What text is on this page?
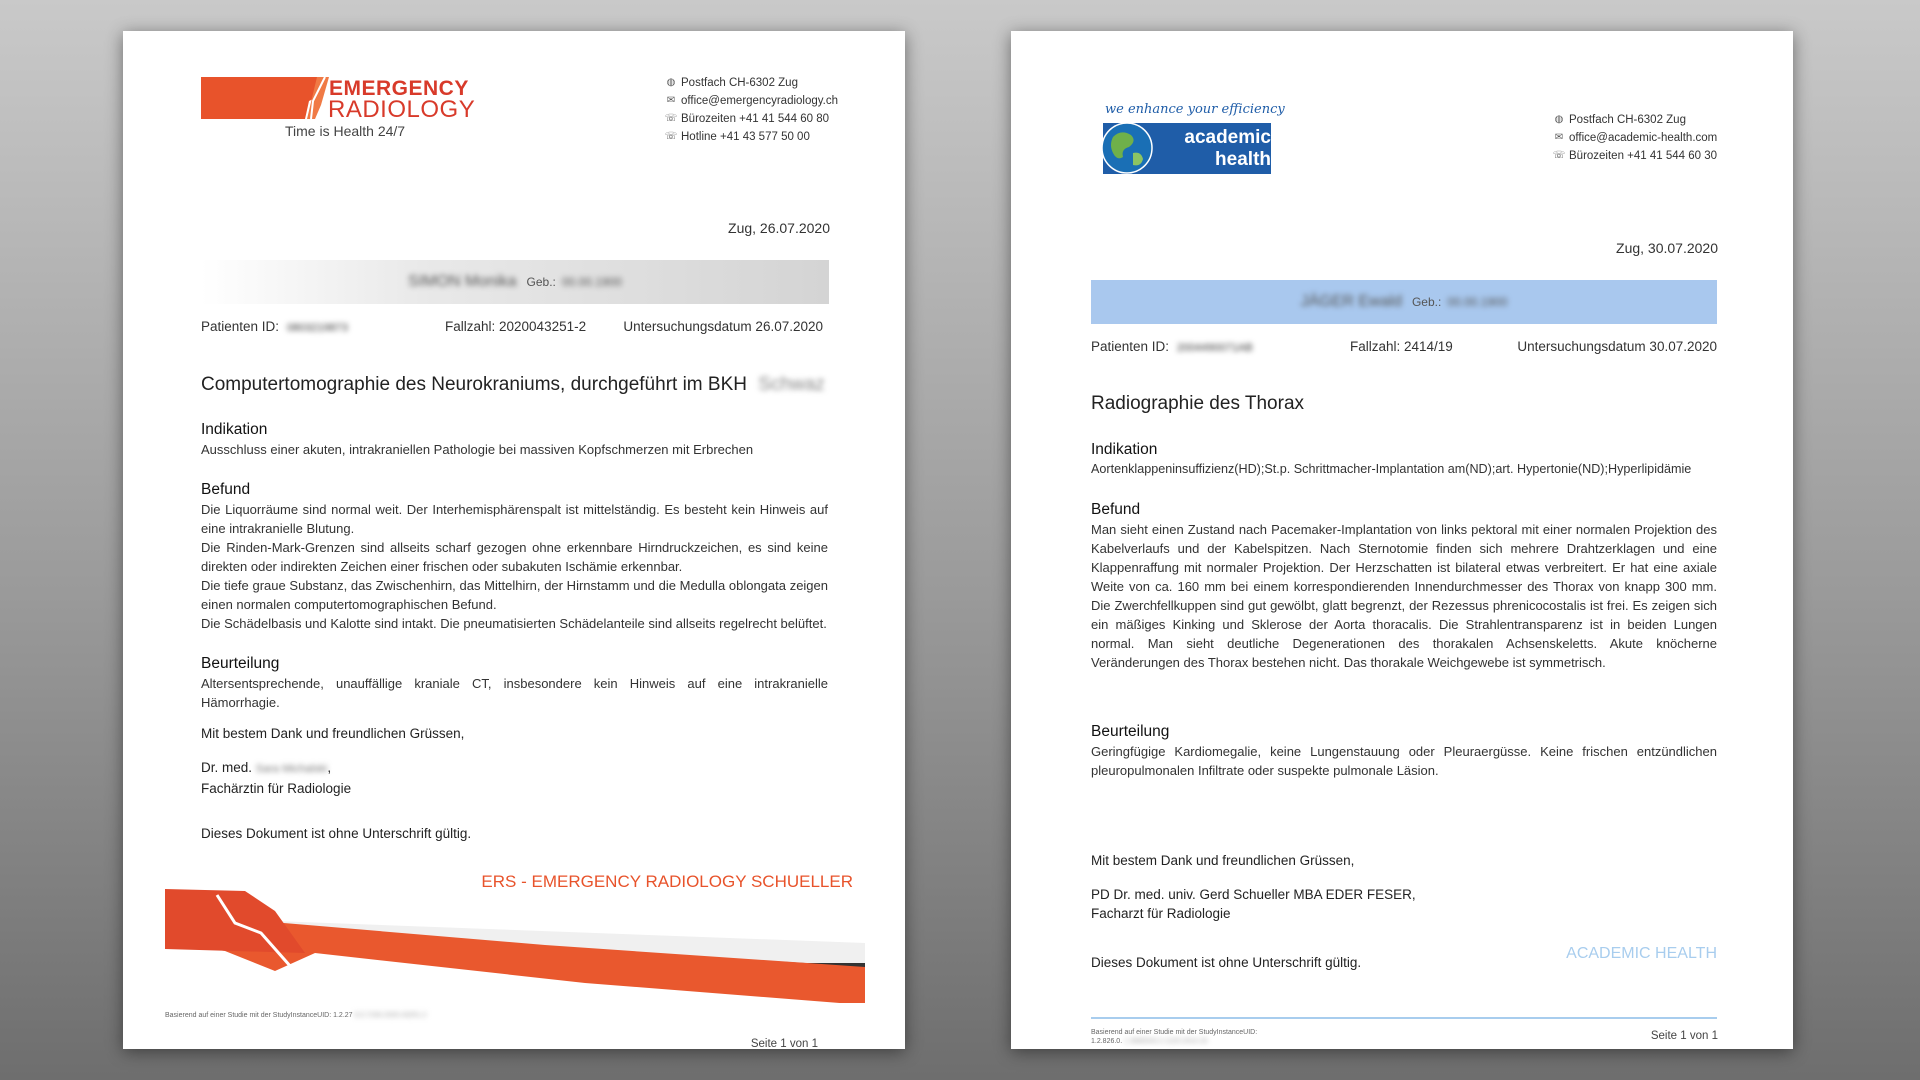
EMERGENCY
RADIOLOGY
Time is Health 24/7
◍ Postfach CH-6302 Zug
✉ office@emergencyradiology.ch
☏ Bürozeiten +41 41 544 60 80
☏ Hotline +41 43 577 50 00
Zug, 26.07.2020
SIMON Monika Geb.: 00.00.1900
Patienten ID: 0803219873	Fallzahl: 2020043251-2	Untersuchungsdatum 26.07.2020
Computertomographie des Neurokraniums, durchgeführt im BKH Schwaz

Indikation

Ausschluss einer akuten, intrakraniellen Pathologie bei massiven Kopfschmerzen mit Erbrechen

Befund

Die Liquorräume sind normal weit. Der Interhemisphärenspalt ist mittelständig. Es besteht kein Hinweis auf eine intrakranielle Blutung.

Die Rinden-Mark-Grenzen sind allseits scharf gezogen ohne erkennbare Hirndruckzeichen, es sind keine direkten oder indirekten Zeichen einer frischen oder subakuten Ischämie erkennbar.

Die tiefe graue Substanz, das Zwischenhirn, das Mittelhirn, der Hirnstamm und die Medulla oblongata zeigen einen normalen computertomographischen Befund.

Die Schädelbasis und Kalotte sind intakt. Die pneumatisierten Schädelanteile sind allseits regelrecht belüftet.

Beurteilung

Altersentsprechende, unauffällige kraniale CT, insbesondere kein Hinweis auf eine intrakranielle Hämorrhagie.

Mit bestem Dank und freundlichen Grüssen,
Dr. med. Sara Michalski,
Fachärztin für Radiologie
Dieses Dokument ist ohne Unterschrift gültig.
ERS - EMERGENCY RADIOLOGY SCHUELLER
Basierend auf einer Studie mit der StudyInstanceUID: 1.2.27 6.0.7230.2020.43251.2
Seite 1 von 1
we enhance your efficiency
academic
health
◍ Postfach CH-6302 Zug
✉ office@academic-health.com
☏ Bürozeiten +41 41 544 60 30
Zug, 30.07.2020
JÄGER Ewald Geb.: 00.00.1900
Patienten ID: 2004490071AB	Fallzahl: 2414/19	Untersuchungsdatum 30.07.2020
Radiographie des Thorax

Indikation

Aortenklappeninsuffizienz(HD);St.p. Schrittmacher-Implantation am(ND);art. Hypertonie(ND);Hyperlipidämie

Befund

Man sieht einen Zustand nach Pacemaker-Implantation von links pektoral mit einer normalen Projektion des Kabelverlaufs und der Kabelspitzen. Nach Sternotomie finden sich mehrere Drahtzerklagen und eine Klappenraffung mit normaler Projektion. Der Herzschatten ist bilateral etwas verbreitert. Er hat eine axiale Weite von ca. 160 mm bei einem korrespondierenden Innendurchmesser des Thorax von knapp 300 mm. Die Zwerchfellkuppen sind gut gewölbt, glatt begrenzt, der Rezessus phrenicocostalis ist frei. Es zeigen sich ein mäßiges Kinking und Sklerose der Aorta thoracalis. Die Strahlentransparenz ist in beiden Lungen normal. Man sieht deutliche Degenerationen des thorakalen Achsenskeletts. Akute knöcherne Veränderungen des Thorax bestehen nicht. Das thorakale Weichgewebe ist symmetrisch.

Beurteilung

Geringfügige Kardiomegalie, keine Lungenstauung oder Pleuraergüsse. Keine frischen entzündlichen pleuropulmonalen Infiltrate oder suspekte pulmonale Läsion.

Mit bestem Dank und freundlichen Grüssen,
PD Dr. med. univ. Gerd Schueller MBA EDER FESER,
Facharzt für Radiologie
Dieses Dokument ist ohne Unterschrift gültig.
ACADEMIC HEALTH
Basierend auf einer Studie mit der StudyInstanceUID:
1.2.826.0. 1.3680043.2.1125.2414.19	Seite 1 von 1
